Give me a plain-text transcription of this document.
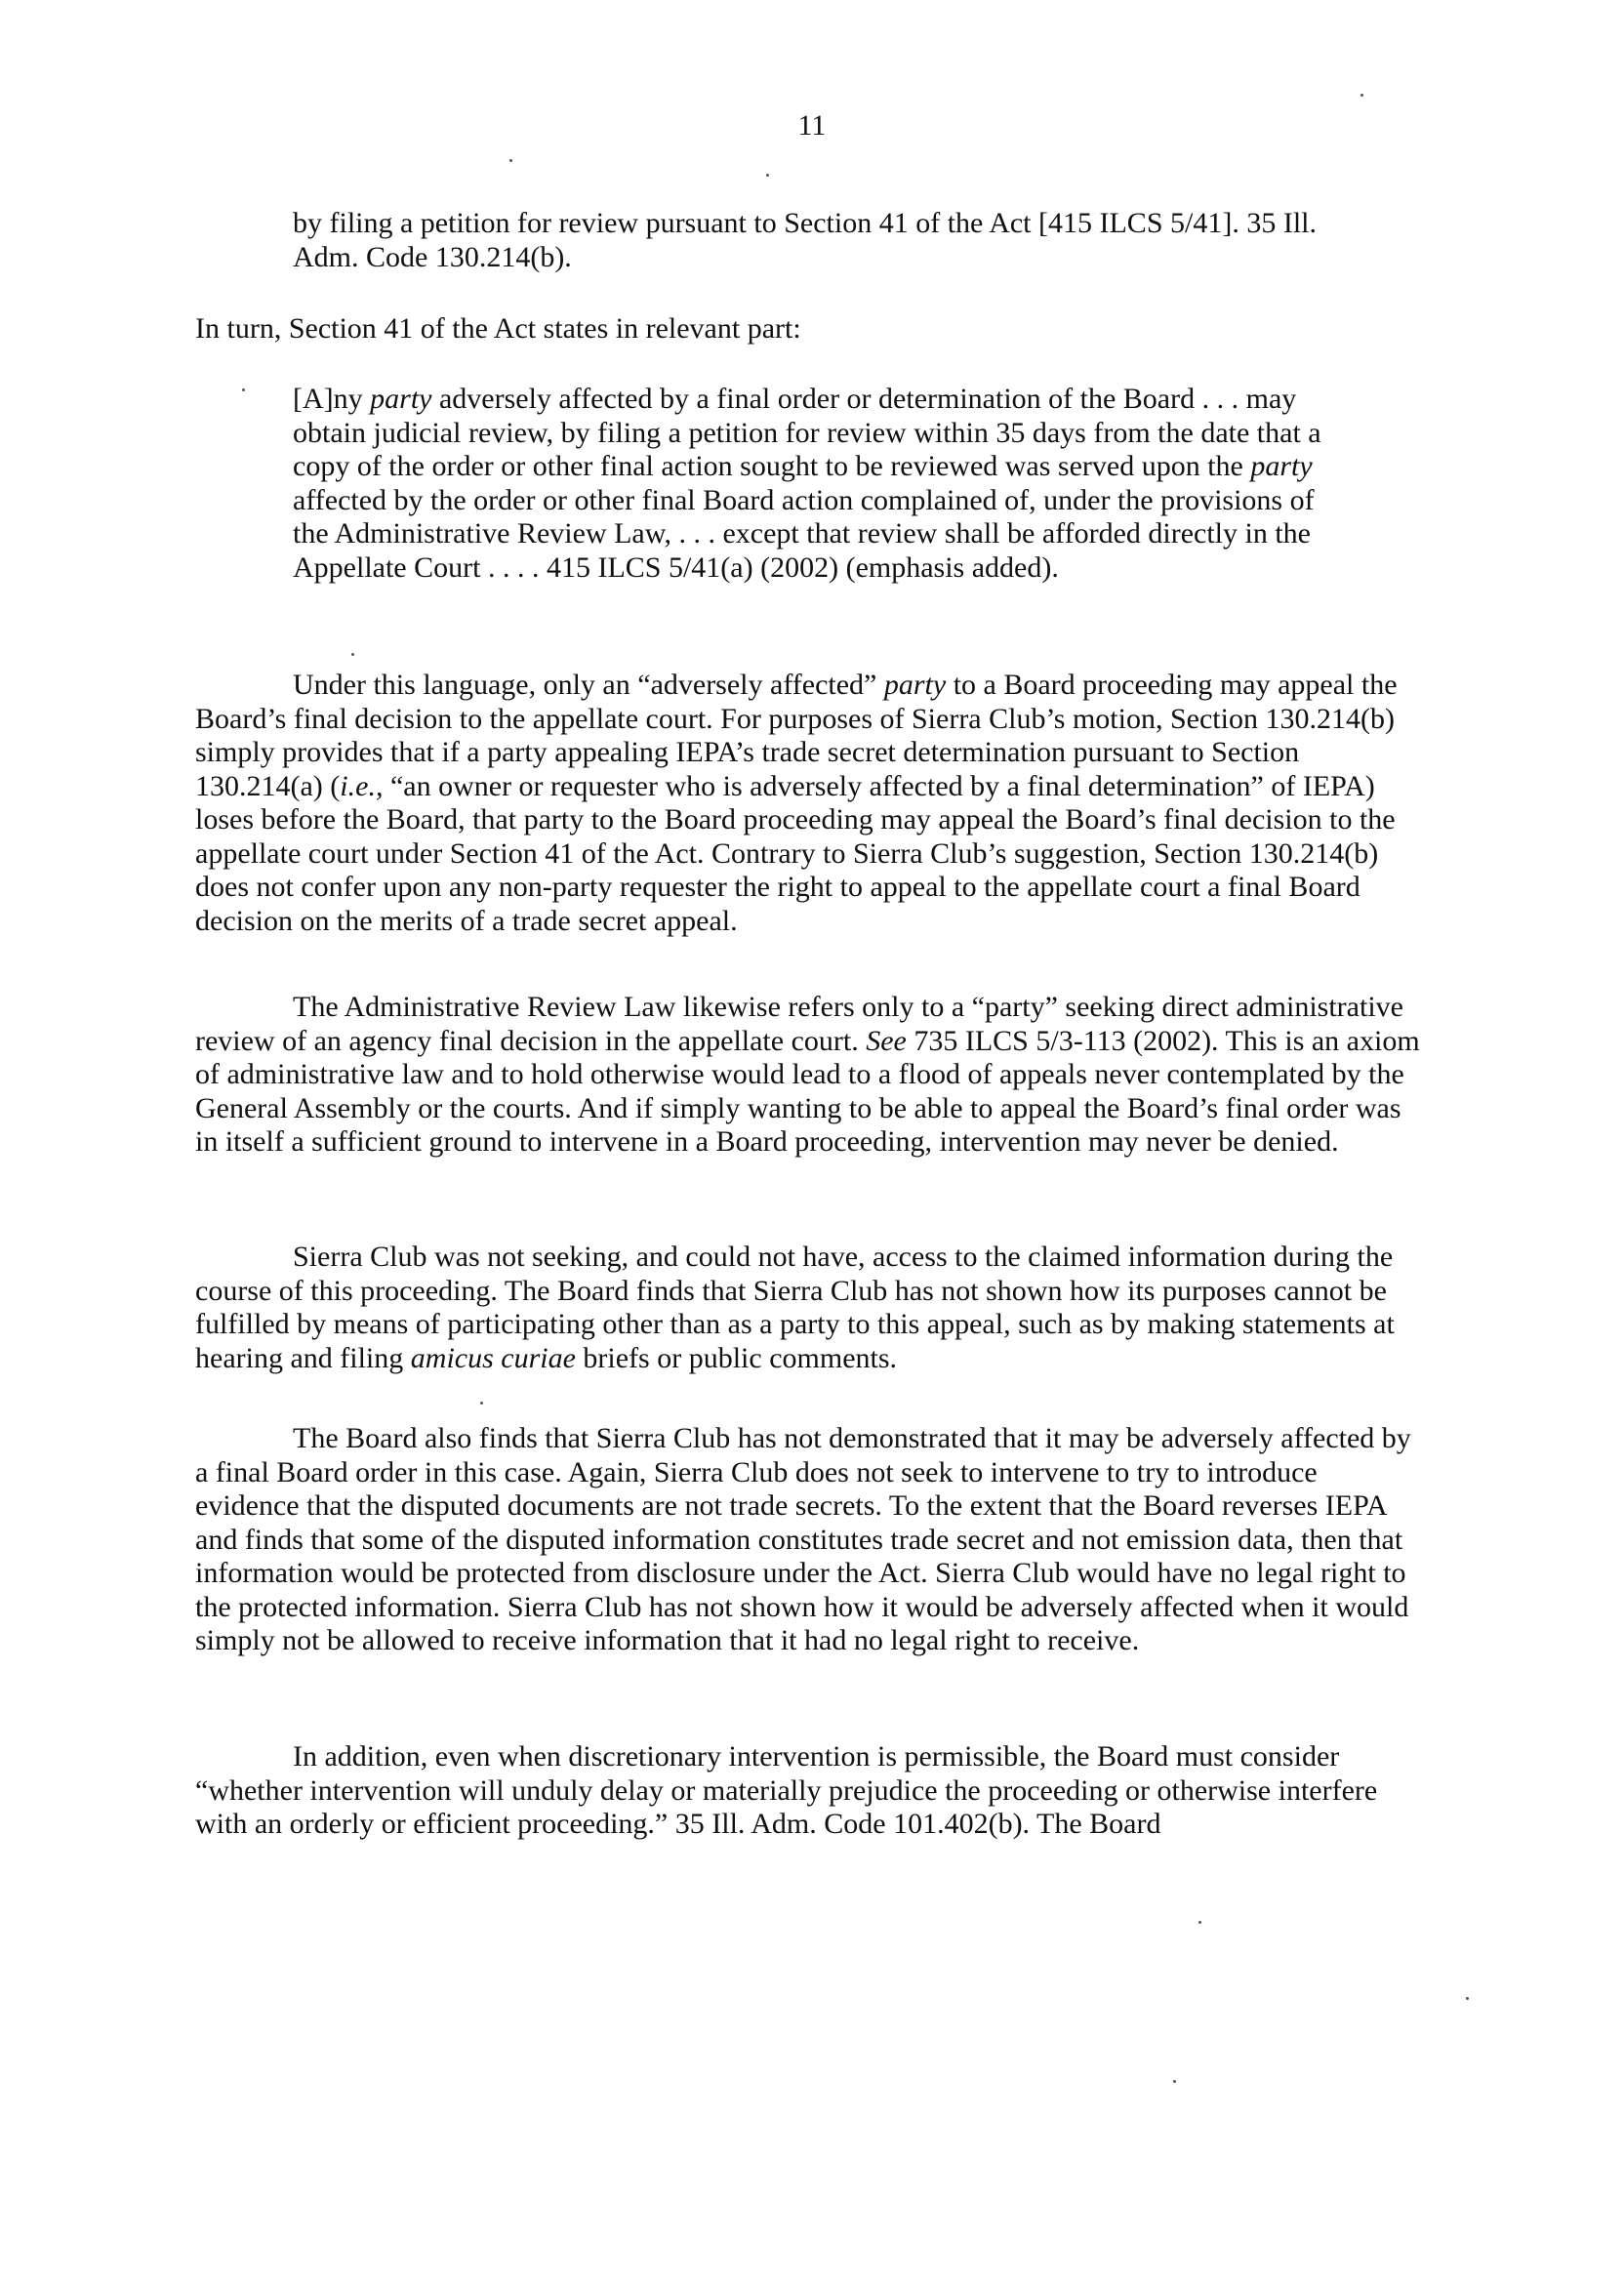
11

by filing a petition for review pursuant to Section 41 of the Act [415 ILCS 5/41]. 35 Ill. Adm. Code 130.214(b).

In turn, Section 41 of the Act states in relevant part:

[A]ny party adversely affected by a final order or determination of the Board . . . may obtain judicial review, by filing a petition for review within 35 days from the date that a copy of the order or other final action sought to be reviewed was served upon the party affected by the order or other final Board action complained of, under the provisions of the Administrative Review Law, . . . except that review shall be afforded directly in the Appellate Court . . . . 415 ILCS 5/41(a) (2002) (emphasis added).

Under this language, only an “adversely affected” party to a Board proceeding may appeal the Board’s final decision to the appellate court. For purposes of Sierra Club’s motion, Section 130.214(b) simply provides that if a party appealing IEPA’s trade secret determination pursuant to Section 130.214(a) (i.e., “an owner or requester who is adversely affected by a final determination” of IEPA) loses before the Board, that party to the Board proceeding may appeal the Board’s final decision to the appellate court under Section 41 of the Act. Contrary to Sierra Club’s suggestion, Section 130.214(b) does not confer upon any non-party requester the right to appeal to the appellate court a final Board decision on the merits of a trade secret appeal.

The Administrative Review Law likewise refers only to a “party” seeking direct administrative review of an agency final decision in the appellate court. See 735 ILCS 5/3-113 (2002). This is an axiom of administrative law and to hold otherwise would lead to a flood of appeals never contemplated by the General Assembly or the courts. And if simply wanting to be able to appeal the Board’s final order was in itself a sufficient ground to intervene in a Board proceeding, intervention may never be denied.

Sierra Club was not seeking, and could not have, access to the claimed information during the course of this proceeding. The Board finds that Sierra Club has not shown how its purposes cannot be fulfilled by means of participating other than as a party to this appeal, such as by making statements at hearing and filing amicus curiae briefs or public comments.

The Board also finds that Sierra Club has not demonstrated that it may be adversely affected by a final Board order in this case. Again, Sierra Club does not seek to intervene to try to introduce evidence that the disputed documents are not trade secrets. To the extent that the Board reverses IEPA and finds that some of the disputed information constitutes trade secret and not emission data, then that information would be protected from disclosure under the Act. Sierra Club would have no legal right to the protected information. Sierra Club has not shown how it would be adversely affected when it would simply not be allowed to receive information that it had no legal right to receive.

In addition, even when discretionary intervention is permissible, the Board must consider “whether intervention will unduly delay or materially prejudice the proceeding or otherwise interfere with an orderly or efficient proceeding.” 35 Ill. Adm. Code 101.402(b). The Board
